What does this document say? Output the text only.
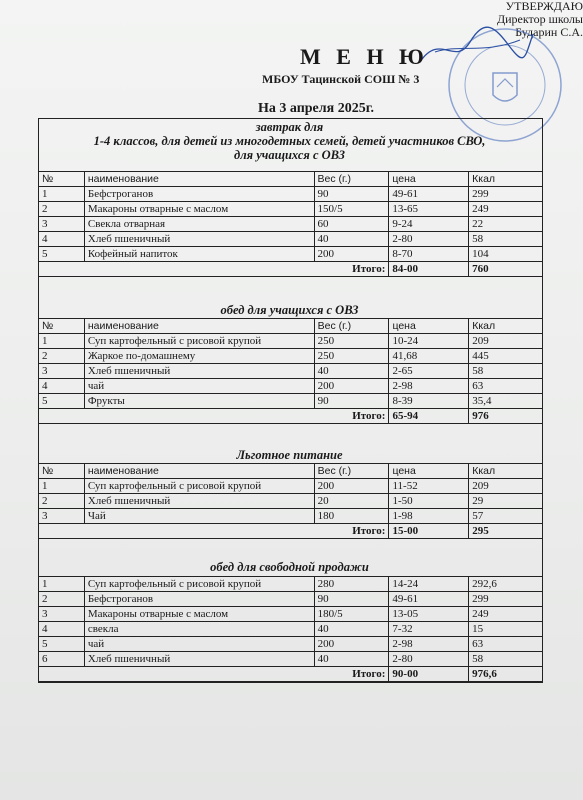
УТВЕРЖДАЮ
Директор школы
Бударин С.А.
М Е Н Ю
МБОУ Тацинской СОШ № 3
На 3 апреля 2025г.
завтрак для
1-4 классов, для детей из многодетных семей, детей участников СВО,
для учащихся с ОВЗ
№	наименование	Вес (г.)	цена	Ккал
1	Бефстроганов	90	49-61	299
2	Макароны отварные с маслом	150/5	13-65	249
3	Свекла отварная	60	9-24	22
4	Хлеб пшеничный	40	2-80	58
5	Кофейный напиток	200	8-70	104
Итого:			84-00	760
обед для учащихся с ОВЗ
№	наименование	Вес (г.)	цена	Ккал
1	Суп картофельный с рисовой крупой	250	10-24	209
2	Жаркое по-домашнему	250	41,68	445
3	Хлеб пшеничный	40	2-65	58
4	чай	200	2-98	63
5	Фрукты	90	8-39	35,4
Итого:			65-94	976
Льготное питание
№	наименование	Вес (г.)	цена	Ккал
1	Суп картофельный с рисовой крупой	200	11-52	209
2	Хлеб пшеничный	20	1-50	29
3	Чай	180	1-98	57
Итого:			15-00	295
обед для свободной продажи
1	Суп картофельный с рисовой крупой	280	14-24	292,6
2	Бефстроганов	90	49-61	299
3	Макароны отварные с маслом	180/5	13-05	249
4	свекла	40	7-32	15
5	чай	200	2-98	63
6	Хлеб пшеничный	40	2-80	58
Итого:			90-00	976,6
